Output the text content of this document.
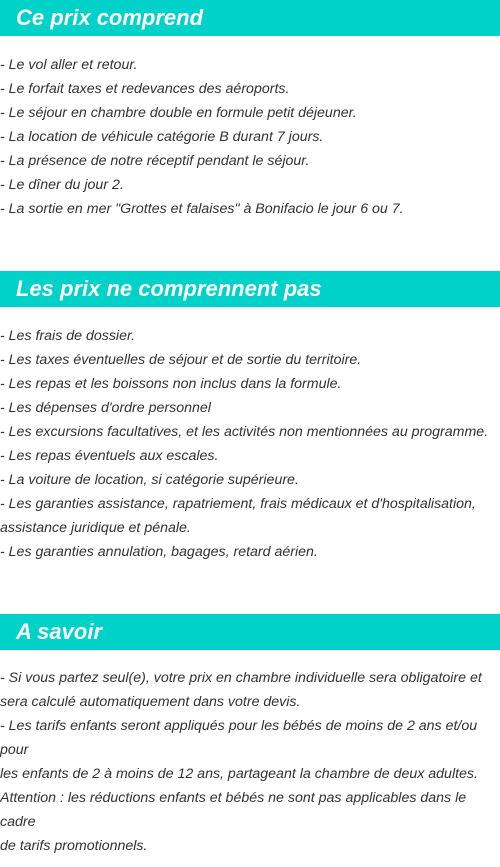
Ce prix comprend

- Le vol aller et retour.

- Le forfait taxes et redevances des aéroports.

- Le séjour en chambre double en formule petit déjeuner.

- La location de véhicule catégorie B durant 7 jours.

- La présence de notre réceptif pendant le séjour.

- Le dîner du jour 2.

- La sortie en mer "Grottes et falaises" à Bonifacio le jour 6 ou 7.

Les prix ne comprennent pas

- Les frais de dossier.

- Les taxes éventuelles de séjour et de sortie du territoire.

- Les repas et les boissons non inclus dans la formule.

- Les dépenses d'ordre personnel

- Les excursions facultatives, et les activités non mentionnées au programme.

- Les repas éventuels aux escales.

- La voiture de location, si catégorie supérieure.

- Les garanties assistance, rapatriement, frais médicaux et d'hospitalisation,

assistance juridique et pénale.

- Les garanties annulation, bagages, retard aérien.

A savoir

- Si vous partez seul(e), votre prix en chambre individuelle sera obligatoire et

sera calculé automatiquement dans votre devis.

- Les tarifs enfants seront appliqués pour les bébés de moins de 2 ans et/ou pour

les enfants de 2 à moins de 12 ans, partageant la chambre de deux adultes.

Attention : les réductions enfants et bébés ne sont pas applicables dans le cadre

de tarifs promotionnels.
